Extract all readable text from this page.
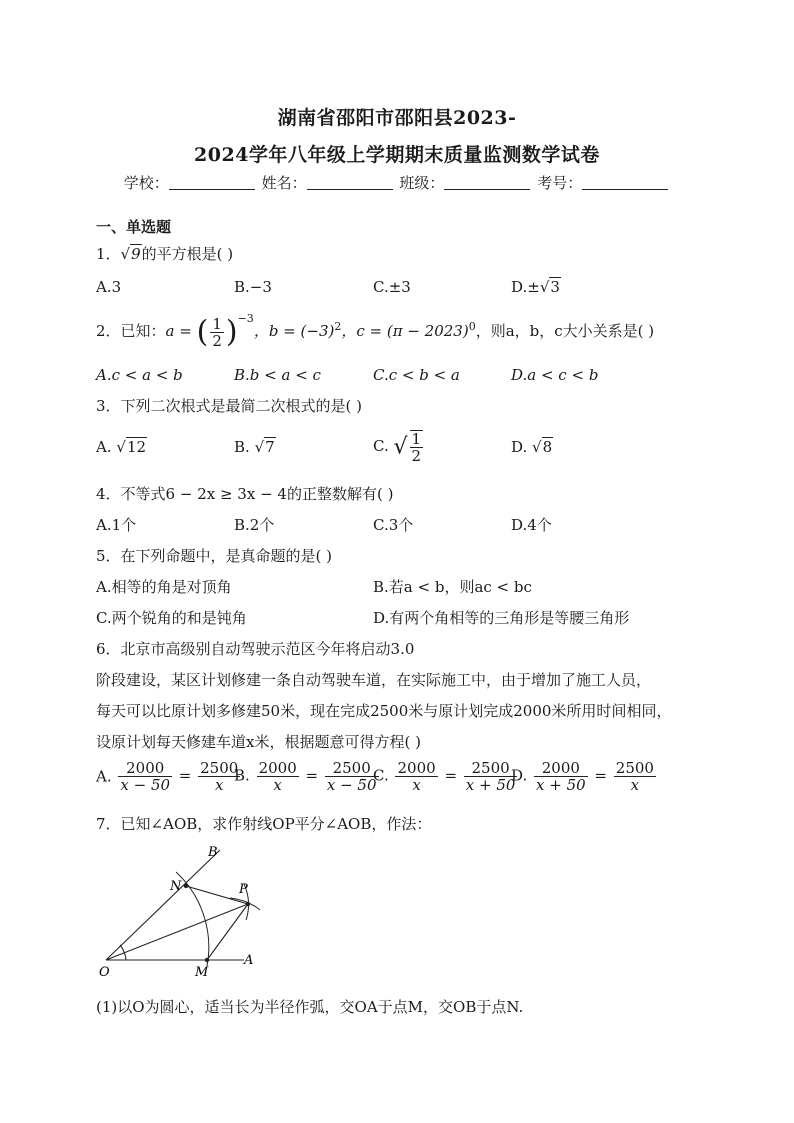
湖南省邵阳市邵阳县2023-
2024学年八年级上学期期末质量监测数学试卷
学校：	姓名：	班级：	考号：
一、单选题
1．√9的平方根是( )
A.3	B.−3	C.±3	D.±√3
2．已知：a = ( $\frac{1}{2} )^{-3}$，$b = (-3)^2$，$c = (\pi - 2023)^0$，则a，b，c大小关系是( )
A.c < a < b	B.b < a < c	C.c < b < a	D.a < c < b
3．下列二次根式是最简二次根式的是( )
A. √12	B. √7	C. √ $\frac{1}{2}$	D. √8
4．不等式6 − 2x ≥ 3x − 4的正整数解有( )
A.1个	B.2个	C.3个	D.4个
5．在下列命题中，是真命题的是( )
A.相等的角是对顶角	B.若a < b，则ac < bc
C.两个锐角的和是钝角	D.有两个角相等的三角形是等腰三角形
6．北京市高级别自动驾驶示范区今年将启动3.0
阶段建设，某区计划修建一条自动驾驶车道，在实际施工中，由于增加了施工人员，
每天可以比原计划多修建50米，现在完成2500米与原计划完成2000米所用时间相同，
设原计划每天修建车道x米，根据题意可得方程( )
A. $\frac{2000}{x - 50} = \frac{2500}{x}$
B. $\frac{2000}{x} = \frac{2500}{x - 50}$
C. $\frac{2000}{x} = \frac{2500}{x + 50}$
D. $\frac{2000}{x + 50} = \frac{2500}{x}$
7．已知∠AOB，求作射线OP平分∠AOB，作法：
B
N	P
O	M
A
(1)以O为圆心，适当长为半径作弧，交OA于点M，交OB于点N.
